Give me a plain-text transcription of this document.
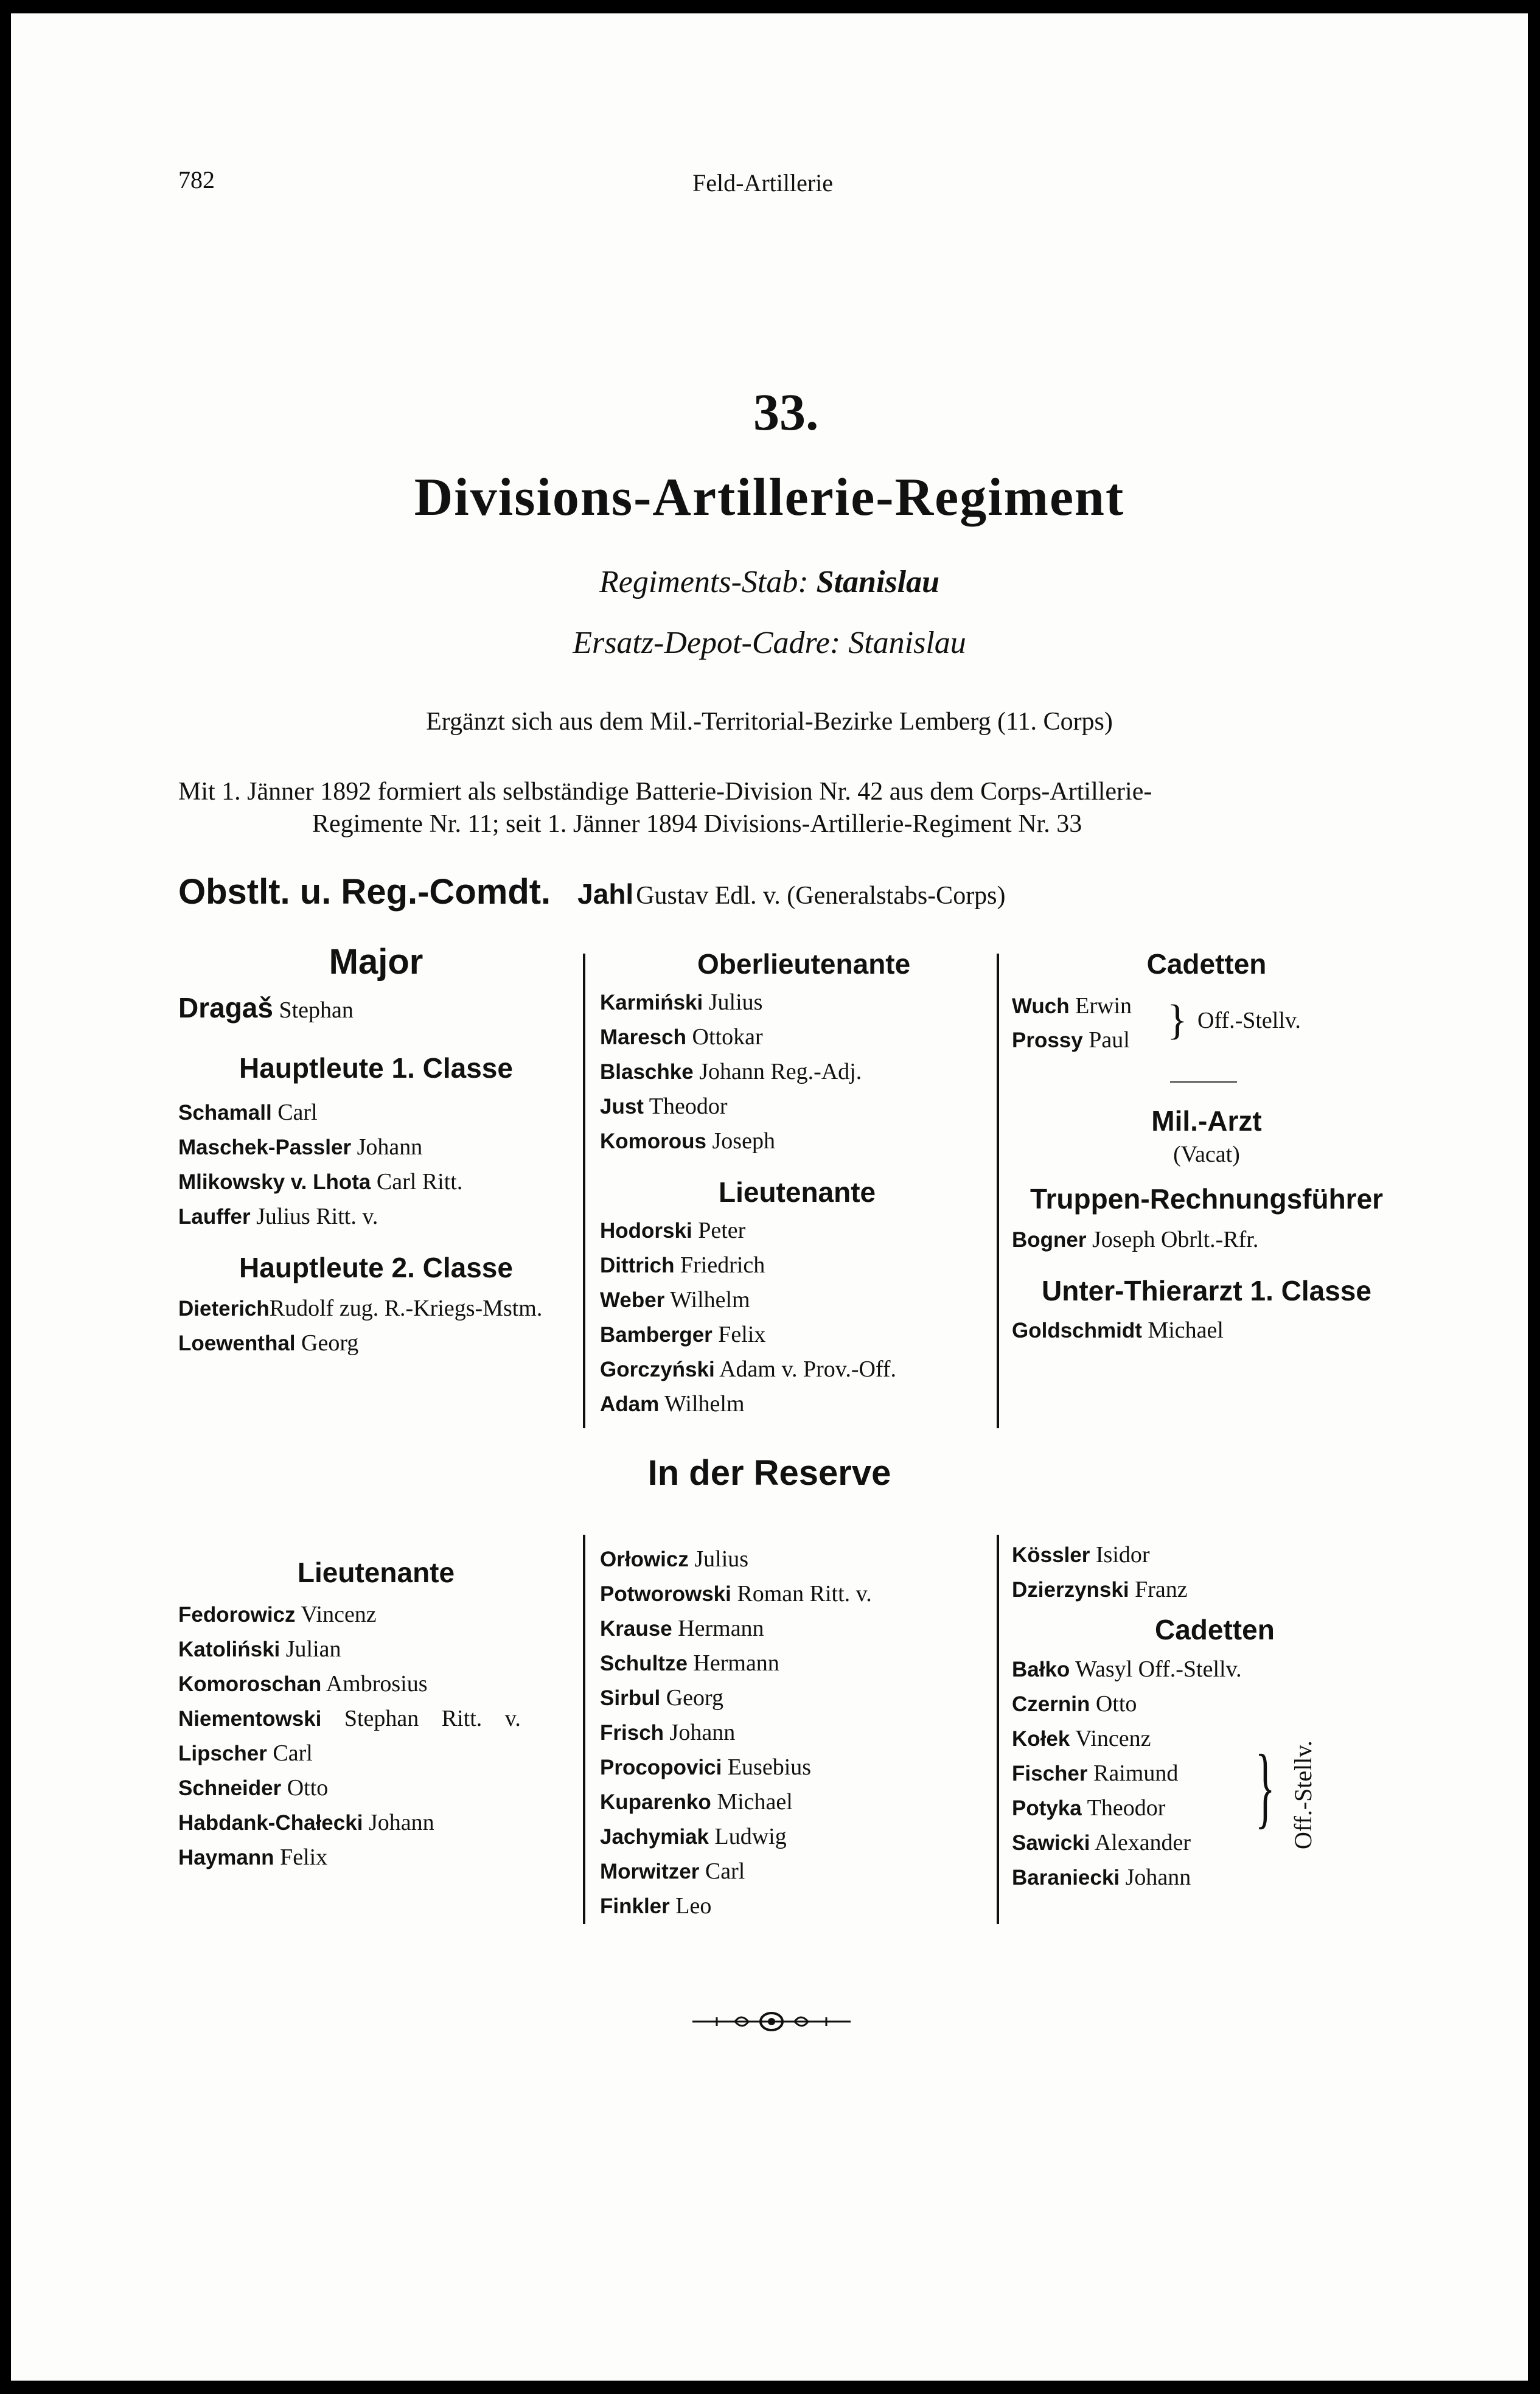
782	Feld-Artillerie
33.
Divisions-Artillerie-Regiment
Regiments-Stab: Stanislau
Ersatz-Depot-Cadre: Stanislau
Ergänzt sich aus dem Mil.-Territorial-Bezirke Lemberg (11. Corps)
Mit 1. Jänner 1892 formiert als selbständige Batterie-Division Nr. 42 aus dem Corps-Artillerie-
Regimente Nr. 11; seit 1. Jänner 1894 Divisions-Artillerie-Regiment Nr. 33
Obstlt. u. Reg.-Comdt. Jahl Gustav Edl. v. (Generalstabs-Corps)
Major
Dragaš Stephan
Hauptleute 1. Classe
Schamall Carl
Maschek-Passler Johann
Mlikowsky v. Lhota Carl Ritt.
Lauffer Julius Ritt. v.
Hauptleute 2. Classe
DieterichRudolf zug. R.-Kriegs-Mstm.
Loewenthal Georg
Oberlieutenante
Karmiński Julius
Maresch Ottokar
Blaschke Johann Reg.-Adj.
Just Theodor
Komorous Joseph
Lieutenante
Hodorski Peter
Dittrich Friedrich
Weber Wilhelm
Bamberger Felix
Gorczyński Adam v. Prov.-Off.
Adam Wilhelm
Cadetten
Wuch Erwin
Prossy Paul } Off.-Stellv.
Mil.-Arzt
(Vacat)
Truppen-Rechnungsführer
Bogner Joseph Obrlt.-Rfr.
Unter-Thierarzt 1. Classe
Goldschmidt Michael
In der Reserve
Lieutenante
Fedorowicz Vincenz
Katoliński Julian
Komoroschan Ambrosius
Niementowski Stephan Ritt. v.
Lipscher Carl
Schneider Otto
Habdank-Chałecki Johann
Haymann Felix
Orłowicz Julius
Potworowski Roman Ritt. v.
Krause Hermann
Schultze Hermann
Sirbul Georg
Frisch Johann
Procopovici Eusebius
Kuparenko Michael
Jachymiak Ludwig
Morwitzer Carl
Finkler Leo
Kössler Isidor
Dzierzynski Franz
Cadetten
Bałko Wasyl Off.-Stellv.
Czernin Otto
Kołek Vincenz
Fischer Raimund
Potyka Theodor
Sawicki Alexander
} Off.-Stellv.
Baraniecki Johann
